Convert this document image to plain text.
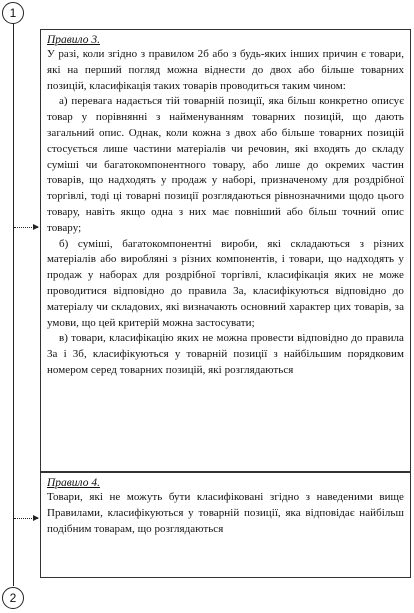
1
2
Правило 3.

У разі, коли згідно з правилом 2б або з будь-яких інших причин є товари, які на перший погляд можна віднести до двох або більше товарних позицій, класифікація таких товарів проводиться таким чином:

а) перевага надається тій товарній позиції, яка більш конкретно описує товар у порівнянні з найменуванням товарних позицій, що дають загальний опис. Однак, коли кожна з двох або більше товарних позицій стосується лише частини матеріалів чи речовин, які входять до складу суміші чи багатокомпонентного товару, або лише до окремих частин товарів, що надходять у продаж у наборі, призначеному для роздрібної торгівлі, тоді ці товарні позиції розглядаються рівнозначними щодо цього товару, навіть якщо одна з них має повніший або більш точний опис товару;

б) суміші, багатокомпонентні вироби, які складаються з різних матеріалів або виробляні з різних компонентів, і товари, що надходять у продаж у наборах для роздрібної торгівлі, класифікація яких не може проводитися відповідно до правила 3а, класифікуються відповідно до матеріалу чи складових, які визначають основний характер цих товарів, за умови, що цей критерій можна застосувати;

в) товари, класифікацію яких не можна провести відповідно до правила 3а і 3б, класифікуються у товарній позиції з найбільшим порядковим номером серед товарних позицій, які розглядаються

Правило 4.

Товари, які не можуть бути класифіковані згідно з наведеними вище Правилами, класифікуються у товарній позиції, яка відповідає найбільш подібним товарам, що розглядаються
